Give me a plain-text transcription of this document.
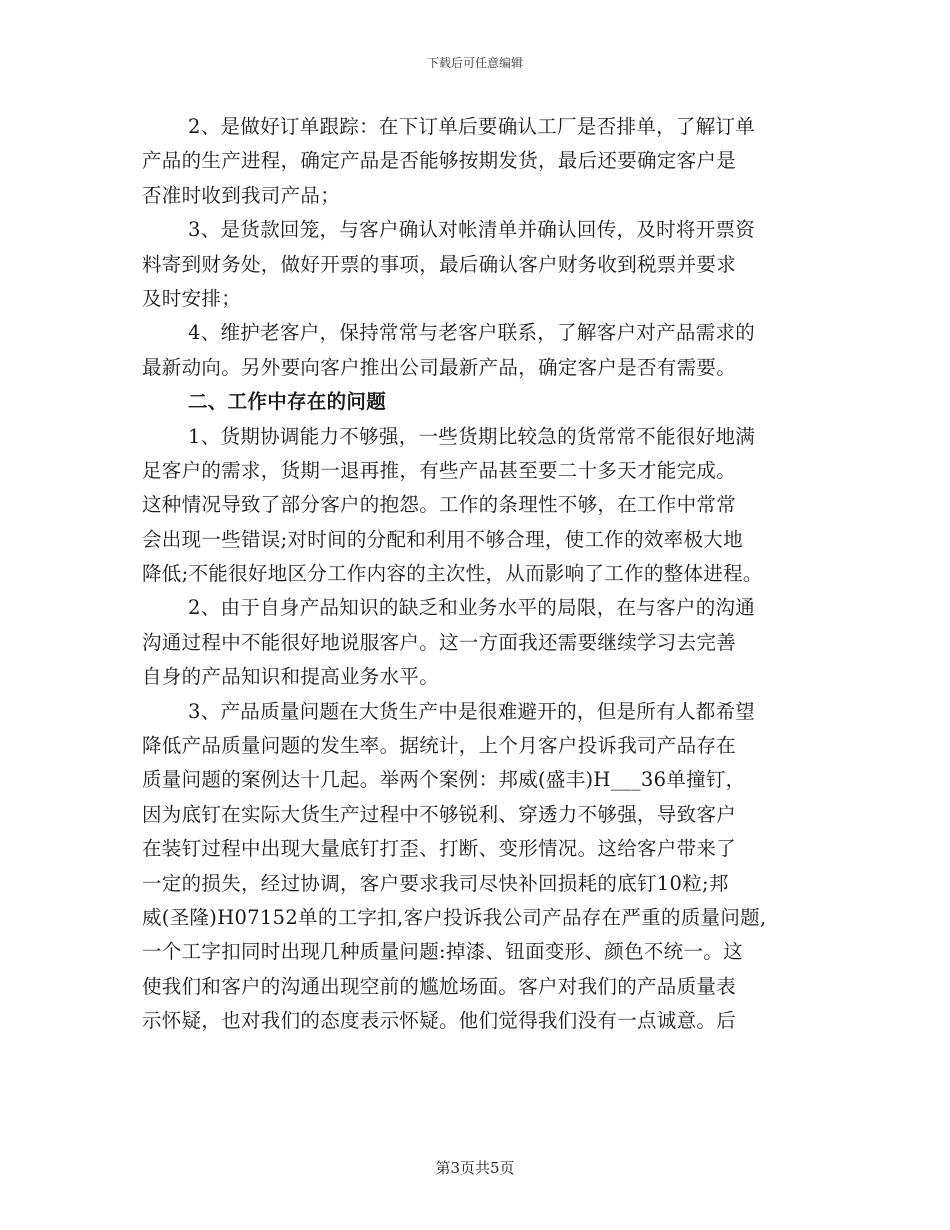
下载后可任意编辑
2、是做好订单跟踪：在下订单后要确认工厂是否排单，了解订单
产品的生产进程，确定产品是否能够按期发货，最后还要确定客户是
否准时收到我司产品；
3、是货款回笼，与客户确认对帐清单并确认回传，及时将开票资
料寄到财务处，做好开票的事项，最后确认客户财务收到税票并要求
及时安排；
4、维护老客户，保持常常与老客户联系，了解客户对产品需求的
最新动向。另外要向客户推出公司最新产品，确定客户是否有需要。
二、工作中存在的问题
1、货期协调能力不够强，一些货期比较急的货常常不能很好地满
足客户的需求，货期一退再推，有些产品甚至要二十多天才能完成。
这种情况导致了部分客户的抱怨。工作的条理性不够，在工作中常常
会出现一些错误;对时间的分配和利用不够合理，使工作的效率极大地
降低;不能很好地区分工作内容的主次性，从而影响了工作的整体进程。
2、由于自身产品知识的缺乏和业务水平的局限，在与客户的沟通
沟通过程中不能很好地说服客户。这一方面我还需要继续学习去完善
自身的产品知识和提高业务水平。
3、产品质量问题在大货生产中是很难避开的，但是所有人都希望
降低产品质量问题的发生率。据统计，上个月客户投诉我司产品存在
质量问题的案例达十几起。举两个案例：邦威(盛丰)H___36单撞钉，
因为底钉在实际大货生产过程中不够锐利、穿透力不够强，导致客户
在装钉过程中出现大量底钉打歪、打断、变形情况。这给客户带来了
一定的损失，经过协调，客户要求我司尽快补回损耗的底钉10粒;邦
威(圣隆)H07152单的工字扣,客户投诉我公司产品存在严重的质量问题,
一个工字扣同时出现几种质量问题:掉漆、钮面变形、颜色不统一。这
使我们和客户的沟通出现空前的尴尬场面。客户对我们的产品质量表
示怀疑，也对我们的态度表示怀疑。他们觉得我们没有一点诚意。后
第3页共5页
